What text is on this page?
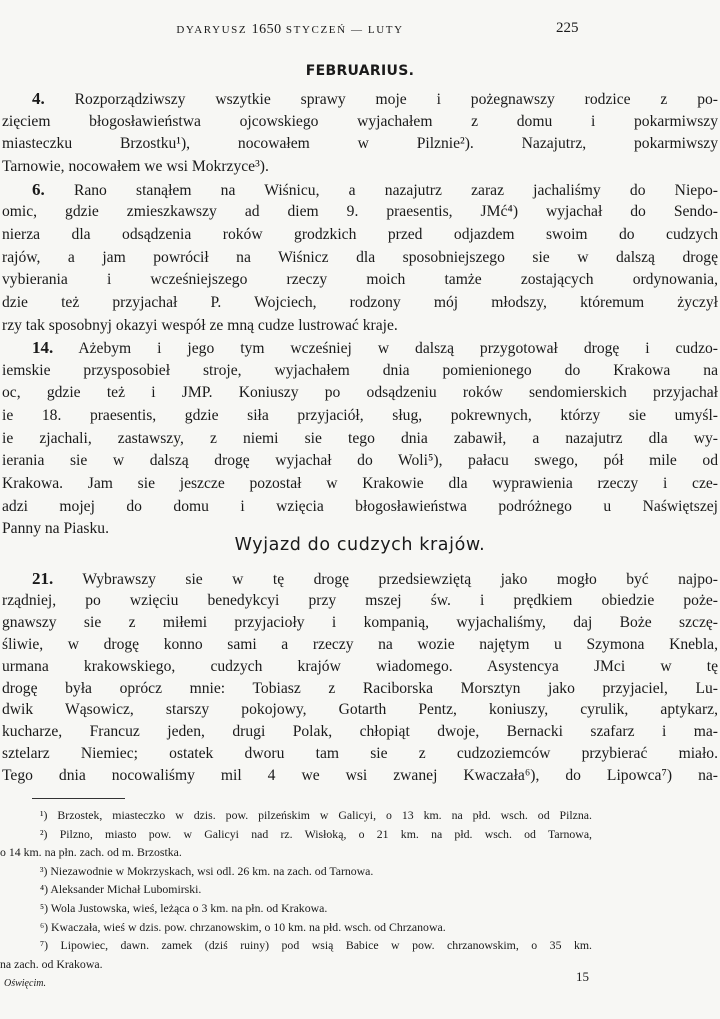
DYARYUSZ 1650 STYCZEŃ — LUTY	225
FEBRUARIUS.
4. Rozporządziwszy wszytkie sprawy moje i pożegnawszy rodzice z po-
zięciem błogosławieństwa ojcowskiego wyjachałem z domu i pokarmiwszy
miasteczku Brzostku¹), nocowałem w Pilznie²). Nazajutrz, pokarmiwszy
Tarnowie, nocowałem we wsi Mokrzyce³).
6. Rano stanąłem na Wiśnicu, a nazajutrz zaraz jachaliśmy do Niepo-
omic, gdzie zmieszkawszy ad diem 9. praesentis, JMć⁴) wyjachał do Sendo-
nierza dla odsądzenia roków grodzkich przed odjazdem swoim do cudzych
rajów, a jam powrócił na Wiśnicz dla sposobniejszego sie w dalszą drogę
vybierania i wcześniejszego rzeczy moich tamże zostających ordynowania,
dzie też przyjachał P. Wojciech, rodzony mój młodszy, któremum życzył
rzy tak sposobnyj okazyi wespół ze mną cudze lustrować kraje.
14. Ażebym i jego tym wcześniej w dalszą przygotował drogę i cudzo-
iemskie przysposobieł stroje, wyjachałem dnia pomienionego do Krakowa na
oc, gdzie też i JMP. Koniuszy po odsądzeniu roków sendomierskich przyjachał
ie 18. praesentis, gdzie siła przyjaciół, sług, pokrewnych, którzy sie umyśl-
ie zjachali, zastawszy, z niemi sie tego dnia zabawił, a nazajutrz dla wy-
ierania sie w dalszą drogę wyjachał do Woli⁵), pałacu swego, pół mile od
Krakowa. Jam sie jeszcze pozostał w Krakowie dla wyprawienia rzeczy i cze-
adzi mojej do domu i wzięcia błogosławieństwa podróżnego u Naświętszej
Panny na Piasku.
Wyjazd do cudzych krajów.
21. Wybrawszy sie w tę drogę przedsiewziętą jako mogło być najpo-
rządniej, po wzięciu benedykcyi przy mszej św. i prędkiem obiedzie poże-
gnawszy sie z miłemi przyjacioły i kompanią, wyjachaliśmy, daj Boże szczę-
śliwie, w drogę konno sami a rzeczy na wozie najętym u Szymona Knebla,
urmana krakowskiego, cudzych krajów wiadomego. Asystencya JMci w tę
drogę była oprócz mnie: Tobiasz z Raciborska Morsztyn jako przyjaciel, Lu-
dwik Wąsowicz, starszy pokojowy, Gotarth Pentz, koniuszy, cyrulik, aptykarz,
kucharze, Francuz jeden, drugi Polak, chłopiąt dwoje, Bernacki szafarz i ma-
sztelarz Niemiec; ostatek dworu tam sie z cudzoziemców przybierać miało.
Tego dnia nocowaliśmy mil 4 we wsi zwanej Kwaczała⁶), do Lipowca⁷) na-
¹) Brzostek, miasteczko w dzis. pow. pilzeńskim w Galicyi, o 13 km. na płd. wsch. od Pilzna.
²) Pilzno, miasto pow. w Galicyi nad rz. Wisłoką, o 21 km. na płd. wsch. od Tarnowa,
o 14 km. na płn. zach. od m. Brzostka.
³) Niezawodnie w Mokrzyskach, wsi odl. 26 km. na zach. od Tarnowa.
⁴) Aleksander Michał Lubomirski.
⁵) Wola Justowska, wieś, leżąca o 3 km. na płn. od Krakowa.
⁶) Kwaczała, wieś w dzis. pow. chrzanowskim, o 10 km. na płd. wsch. od Chrzanowa.
⁷) Lipowiec, dawn. zamek (dziś ruiny) pod wsią Babice w pow. chrzanowskim, o 35 km.
na zach. od Krakowa.
15
Oświęcim.
